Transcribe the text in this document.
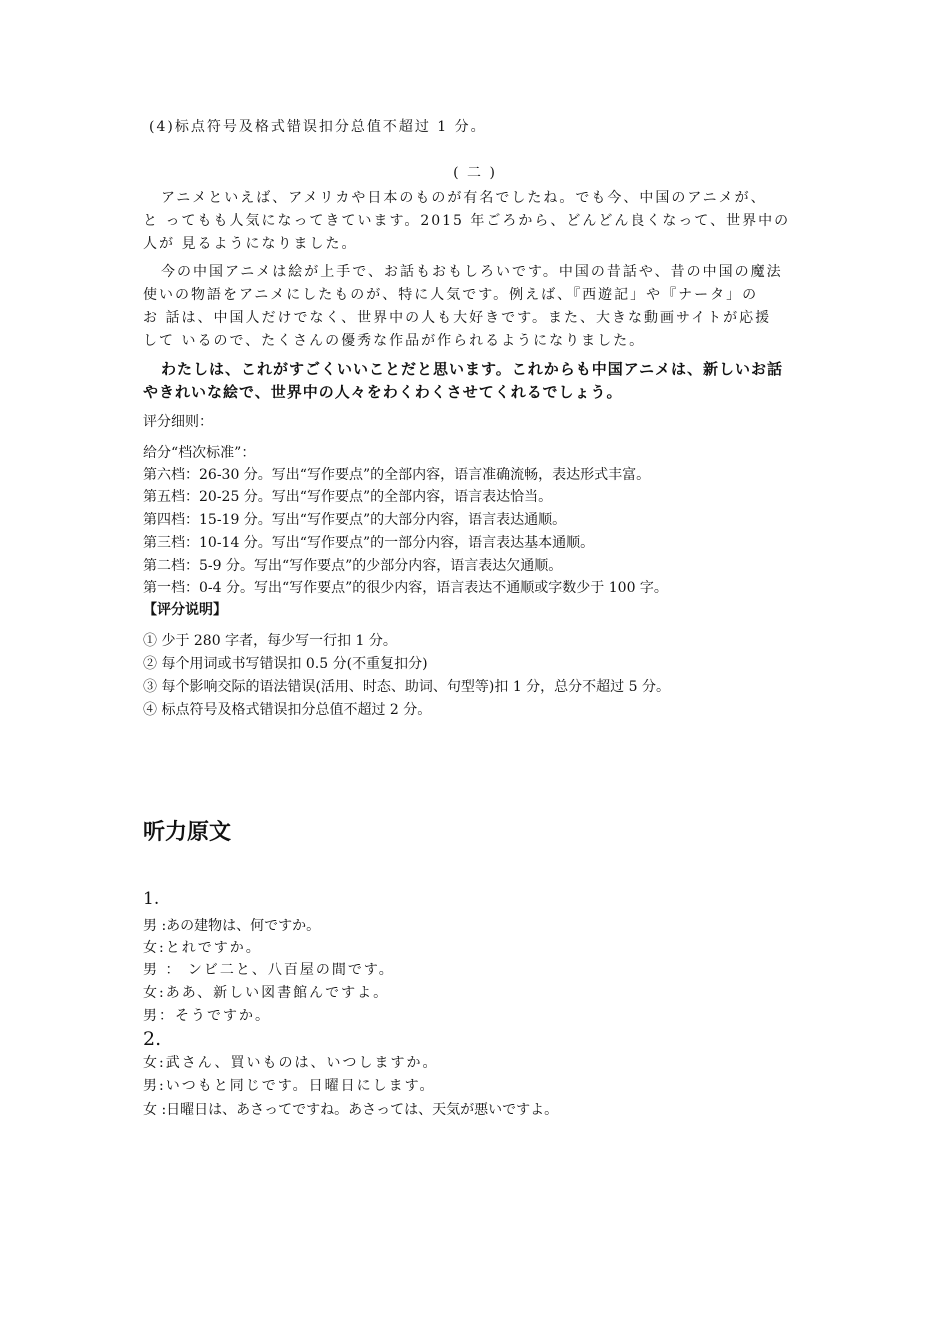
(4)标点符号及格式错误扣分总值不超过 1 分。
( 二 )
アニメといえば、アメリカや日本のものが有名でしたね。でも今、中国のアニメが、
と ってもも人気になってきています。2015 年ごろから、どんどん良くなって、世界中の
人が 見るようになりました。
今の中国アニメは絵が上手で、お話もおもしろいです。中国の昔話や、昔の中国の魔法
使いの物語をアニメにしたものが、特に人気です。例えば、『西遊記」や『ナータ」の
お 話は、中国人だけでなく、世界中の人も大好きです。また、大きな動画サイトが応援
して いるので、たくさんの優秀な作品が作られるようになりました。
わたしは、これがすごくいいことだと思います。これからも中国アニメは、新しいお話
やきれいな絵で、世界中の人々をわくわくさせてくれるでしょう。
评分细则：
给分“档次标准”：
第六档：26-30 分。写出“写作要点”的全部内容，语言准确流畅，表达形式丰富。
第五档：20-25 分。写出“写作要点”的全部内容，语言表达恰当。
第四档：15-19 分。写出“写作要点”的大部分内容，语言表达通顺。
第三档：10-14 分。写出“写作要点”的一部分内容，语言表达基本通顺。
第二档：5-9 分。写出“写作要点”的少部分内容，语言表达欠通顺。
第一档：0-4 分。写出“写作要点”的很少内容，语言表达不通顺或字数少于 100 字。
【评分说明】
① 少于 280 字者，每少写一行扣 1 分。
② 每个用词或书写错误扣 0.5 分(不重复扣分)
③ 每个影响交际的语法错误(活用、时态、助词、句型等)扣 1 分，总分不超过 5 分。
④ 标点符号及格式错误扣分总值不超过 2 分。
听力原文
1.
男 :あの建物は、何ですか。
女:とれですか。
男 ： ンビ二と、八百屋の間です。
女:ああ、新しい図書館んですよ。
男：そうですか。
2.
女:武さん、買いものは、いつしますか。
男:いつもと同じです。日曜日にします。
女 :日曜日は、あさってですね。あさっては、天気が悪いですよ。
